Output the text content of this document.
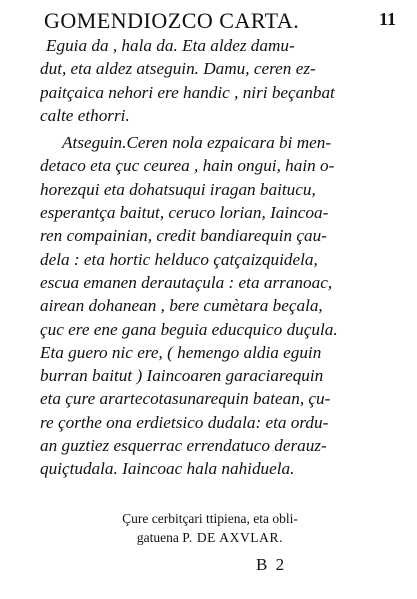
GOMENDIOZCO CARTA.	11
Eguia da , hala da. Eta aldez damu-
dut, eta aldez atseguin. Damu, ceren ez-
paitçaica nehori ere handic , niri beçanbat
calte ethorri.
Atseguin.Ceren nola ezpaicara bi men-
detaco eta çuc ceurea , hain ongui, hain o-
horezqui eta dohatsuqui iragan baitucu,
esperantça baitut, ceruco lorian, Iaincoa-
ren compainian, credit bandiarequin çau-
dela : eta hortic helduco çatçaizquidela,
escua emanen derautaçula : eta arranoac,
airean dohanean , bere cumètara beçala,
çuc ere ene gana beguia educquico duçula.
Eta guero nic ere, ( hemengo aldia eguin
burran baitut ) Iaincoaren garaciarequin
eta çure arartecotasunarequin batean, çu-
re çorthe ona erdietsico dudala: eta ordu-
an guztiez esquerrac errendatuco derauz-
quiçtudala. Iaincoac hala nahiduela.
Çure cerbitçari ttipiena, eta obli-
gatuena P. DE AXVLAR.
B 2
